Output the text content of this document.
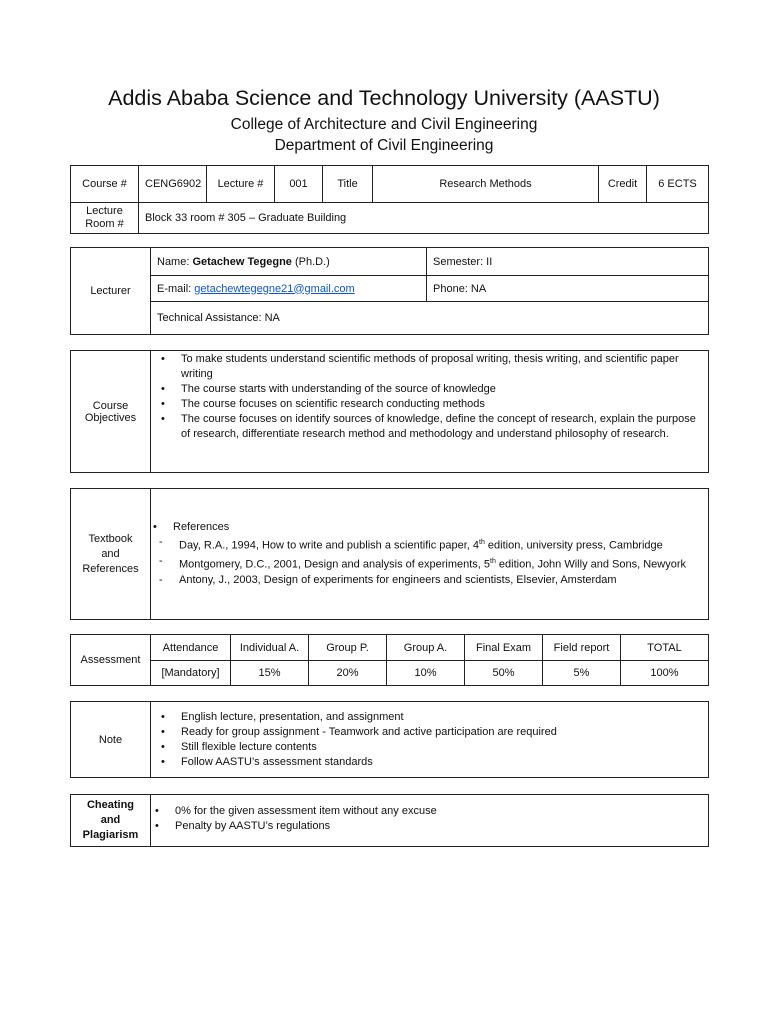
Addis Ababa Science and Technology University (AASTU)
College of Architecture and Civil Engineering
Department of Civil Engineering
Course #	CENG6902	Lecture #	001	Title	Research Methods	Credit	6 ECTS
Lecture Room #	Block 33 room # 305 – Graduate Building						
Lecturer	Name: Getachew Tegegne (Ph.D.)	Semester: II
	E-mail: getachewtegegne21@gmail.com	Phone: NA
	Technical Assistance: NA	
Course
Objectives	
• To make students understand scientific methods of proposal writing, thesis writing, and scientific paper writing
• The course starts with understanding of the source of knowledge
• The course focuses on scientific research conducting methods
• The course focuses on identify sources of knowledge, define the concept of research, explain the purpose of research, differentiate research method and methodology and understand philosophy of research.
Textbook
and
References	
• References
- Day, R.A., 1994, How to write and publish a scientific paper, 4th edition, university press, Cambridge
- Montgomery, D.C., 2001, Design and analysis of experiments, 5th edition, John Willy and Sons, Newyork
- Antony, J., 2003, Design of experiments for engineers and scientists, Elsevier, Amsterdam
Assessment	Attendance	Individual A.	Group P.	Group A.	Final Exam	Field report	TOTAL
	[Mandatory]	15%	20%	10%	50%	5%	100%
Note	
• English lecture, presentation, and assignment
• Ready for group assignment - Teamwork and active participation are required
• Still flexible lecture contents
• Follow AASTU’s assessment standards
Cheating
and
Plagiarism	
• 0% for the given assessment item without any excuse
• Penalty by AASTU’s regulations
